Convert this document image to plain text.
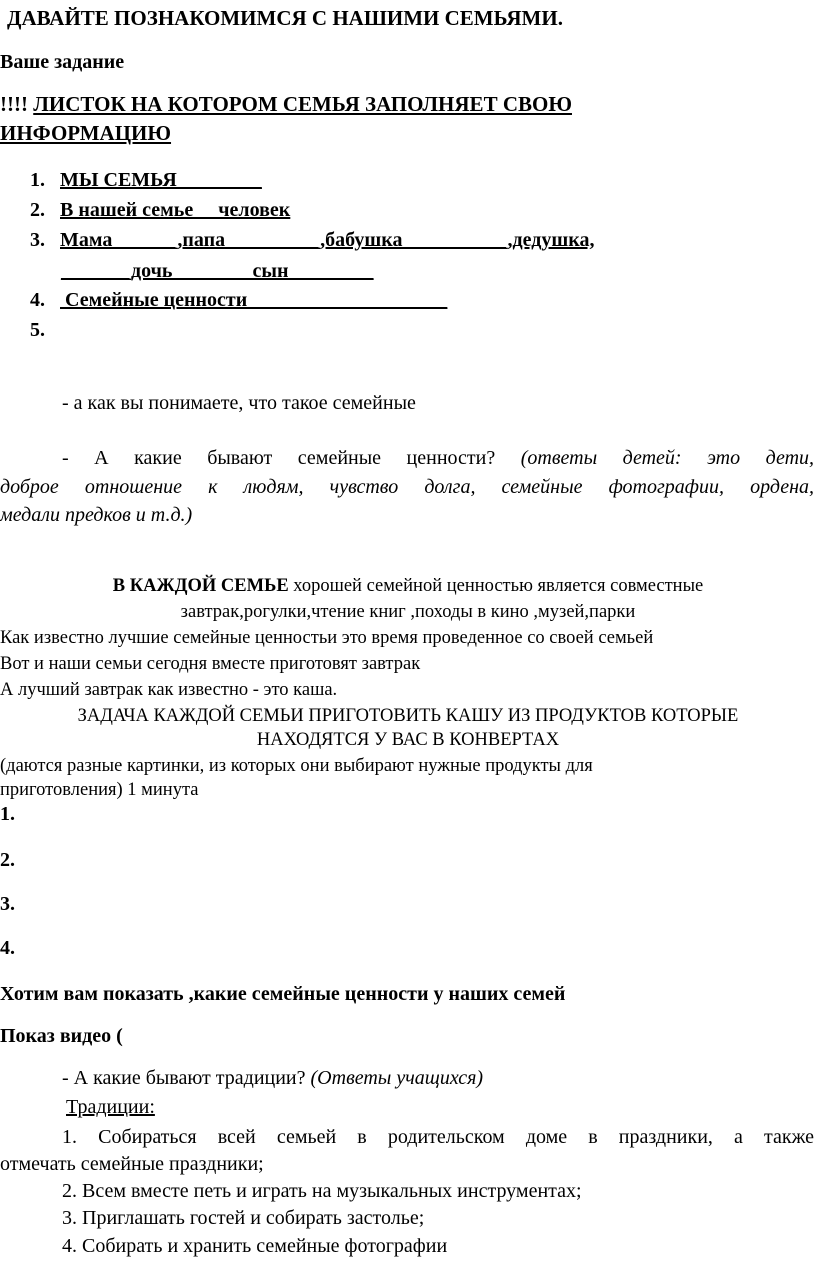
ДАВАЙТЕ ПОЗНАКОМИМСЯ С НАШИМИ СЕМЬЯМИ.
Ваше задание
!!!! ЛИСТОК НА КОТОРОМ СЕМЬЯ ЗАПОЛНЯЕТ СВОЮ
ИНФОРМАЦИЮ
1. МЫ СЕМЬЯ ________
2. В нашей семье __человек
3. Мама ______,папа _________,бабушка __________,дедушка,
_______дочь________сын ________
4. Семейные ценности____________________
5.
- а как вы понимаете, что такое семейные
- А какие бывают семейные ценности? (ответы детей: это дети,
доброе отношение к людям, чувство долга, семейные фотографии, ордена,
медали предков и т.д.)
В КАЖДОЙ СЕМЬЕ хорошей семейной ценностью является совместные
завтрак,рогулки,чтение книг ,походы в кино ,музей,парки
Как известно лучшие семейные ценностьи это время проведенное со своей семьей
Вот и наши семьи сегодня вместе приготовят завтрак
А лучший завтрак как известно - это каша.
ЗАДАЧА КАЖДОЙ СЕМЬИ ПРИГОТОВИТЬ КАШУ ИЗ ПРОДУКТОВ КОТОРЫЕ
НАХОДЯТСЯ У ВАС В КОНВЕРТАХ
(даются разные картинки, из которых они выбирают нужные продукты для
приготовления) 1 минута
1.
2.
3.
4.
Хотим вам показать ,какие семейные ценности у наших семей
Показ видео (
- А какие бывают традиции? (Ответы учащихся)
Традиции:
1. Собираться всей семьей в родительском доме в праздники, а также
отмечать семейные праздники;
2. Всем вместе петь и играть на музыкальных инструментах;
3. Приглашать гостей и собирать застолье;
4. Собирать и хранить семейные фотографии
